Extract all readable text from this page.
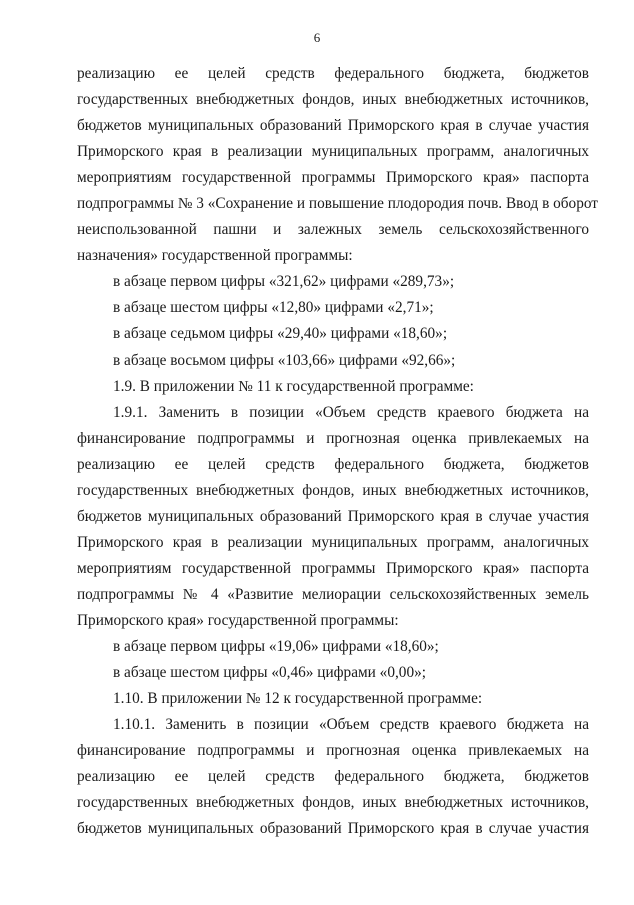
6

реализацию ее целей средств федерального бюджета, бюджетов
государственных внебюджетных фондов, иных внебюджетных источников,
бюджетов муниципальных образований Приморского края в случае участия
Приморского края в реализации муниципальных программ, аналогичных
мероприятиям государственной программы Приморского края» паспорта
подпрограммы № 3 «Сохранение и повышение плодородия почв. Ввод в оборот
неиспользованной пашни и залежных земель сельскохозяйственного
назначения» государственной программы:

в абзаце первом цифры «321,62» цифрами «289,73»;

в абзаце шестом цифры «12,80» цифрами «2,71»;

в абзаце седьмом цифры «29,40» цифрами «18,60»;

в абзаце восьмом цифры «103,66» цифрами «92,66»;

1.9. В приложении № 11 к государственной программе:

1.9.1. Заменить в позиции «Объем средств краевого бюджета на
финансирование подпрограммы и прогнозная оценка привлекаемых на
реализацию ее целей средств федерального бюджета, бюджетов
государственных внебюджетных фондов, иных внебюджетных источников,
бюджетов муниципальных образований Приморского края в случае участия
Приморского края в реализации муниципальных программ, аналогичных
мероприятиям государственной программы Приморского края» паспорта
подпрограммы № 4 «Развитие мелиорации сельскохозяйственных земель
Приморского края» государственной программы:

в абзаце первом цифры «19,06» цифрами «18,60»;

в абзаце шестом цифры «0,46» цифрами «0,00»;

1.10. В приложении № 12 к государственной программе:

1.10.1. Заменить в позиции «Объем средств краевого бюджета на
финансирование подпрограммы и прогнозная оценка привлекаемых на
реализацию ее целей средств федерального бюджета, бюджетов
государственных внебюджетных фондов, иных внебюджетных источников,
бюджетов муниципальных образований Приморского края в случае участия
